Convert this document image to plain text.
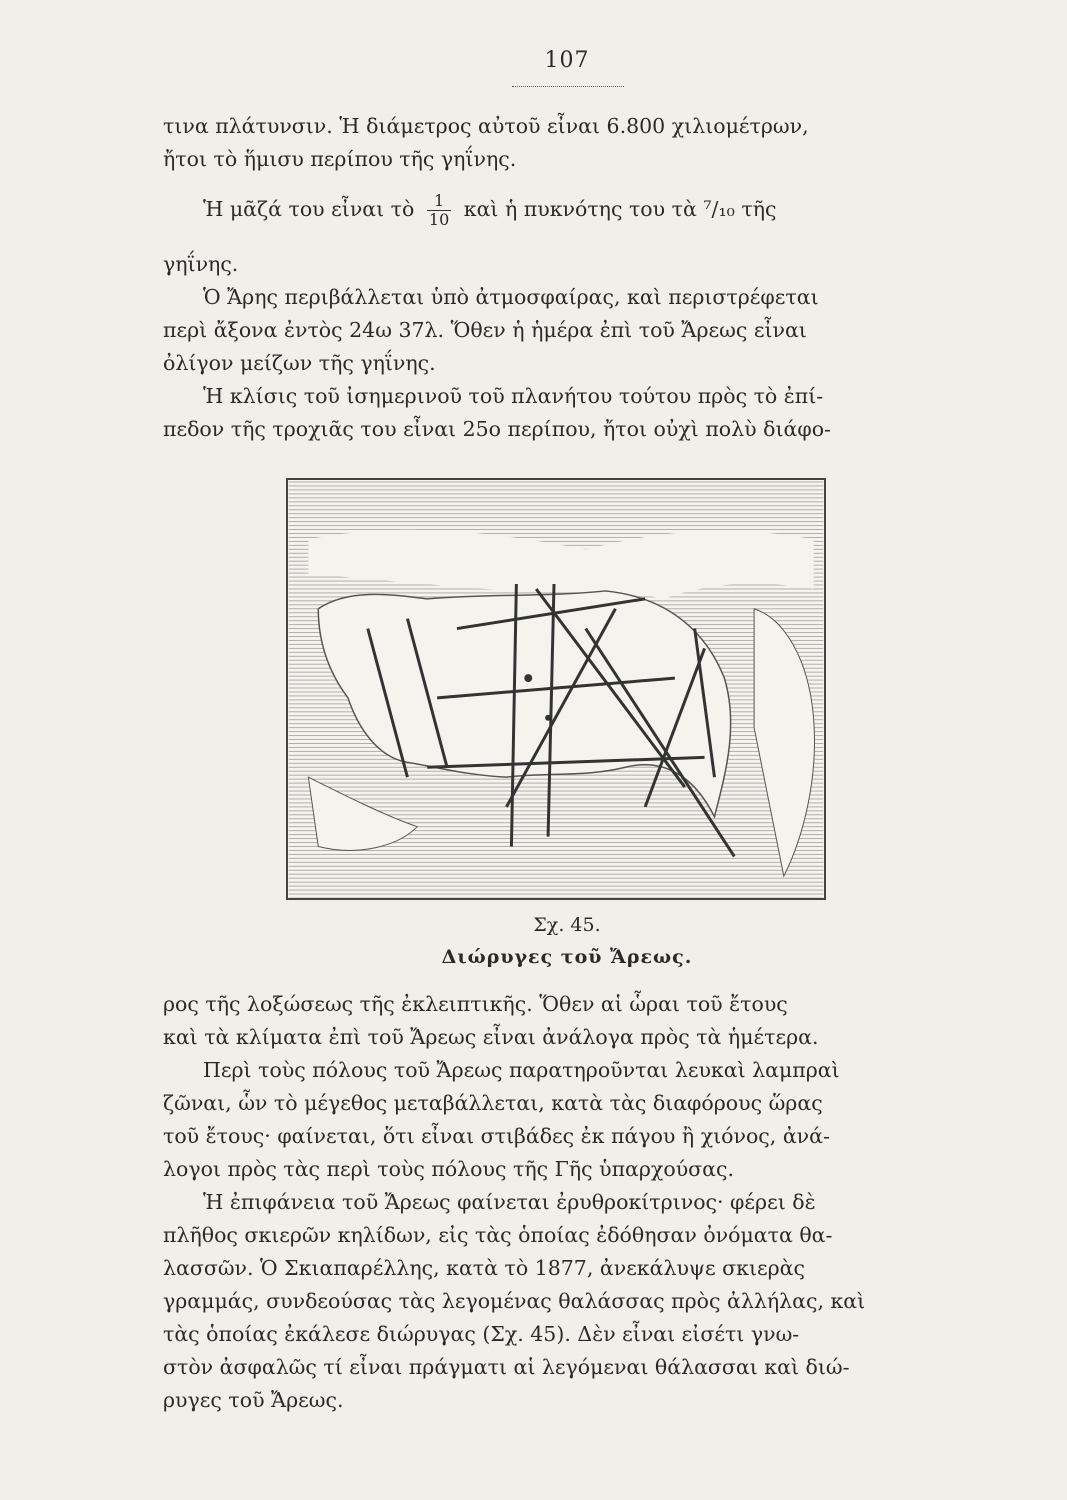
107
τινα πλάτυνσιν. Ἡ διάμετρος αὐτοῦ εἶναι 6.800 χιλιομέτρων,
ἤτοι τὸ ἥμισυ περίπου τῆς γηΐνης.
Ἡ μᾶζά του εἶναι τὸ $\frac{1}{10}$ καὶ ἡ πυκνότης του τὰ ⁷/₁₀ τῆς
γηΐνης.
Ὁ Ἄρης περιβάλλεται ὑπὸ ἀτμοσφαίρας, καὶ περιστρέφεται
περὶ ἄξονα ἐντὸς 24ω 37λ. Ὅθεν ἡ ἡμέρα ἐπὶ τοῦ Ἄρεως εἶναι
ὀλίγον μείζων τῆς γηΐνης.
Ἡ κλίσις τοῦ ἰσημερινοῦ τοῦ πλανήτου τούτου πρὸς τὸ ἐπί-
πεδον τῆς τροχιᾶς του εἶναι 25ο περίπου, ἤτοι οὐχὶ πολὺ διάφο-
Σχ. 45.
Διώρυγες τοῦ Ἄρεως.
ρος τῆς λοξώσεως τῆς ἐκλειπτικῆς. Ὅθεν αἱ ὧραι τοῦ ἔτους
καὶ τὰ κλίματα ἐπὶ τοῦ Ἄρεως εἶναι ἀνάλογα πρὸς τὰ ἡμέτερα.
Περὶ τοὺς πόλους τοῦ Ἄρεως παρατηροῦνται λευκαὶ λαμπραὶ
ζῶναι, ὧν τὸ μέγεθος μεταβάλλεται, κατὰ τὰς διαφόρους ὥρας
τοῦ ἔτους· φαίνεται, ὅτι εἶναι στιβάδες ἐκ πάγου ἢ χιόνος, ἀνά-
λογοι πρὸς τὰς περὶ τοὺς πόλους τῆς Γῆς ὑπαρχούσας.
Ἡ ἐπιφάνεια τοῦ Ἄρεως φαίνεται ἐρυθροκίτρινος· φέρει δὲ
πλῆθος σκιερῶν κηλίδων, εἰς τὰς ὁποίας ἐδόθησαν ὀνόματα θα-
λασσῶν. Ὁ Σκιαπαρέλλης, κατὰ τὸ 1877, ἀνεκάλυψε σκιερὰς
γραμμάς, συνδεούσας τὰς λεγομένας θαλάσσας πρὸς ἀλλήλας, καὶ
τὰς ὁποίας ἐκάλεσε διώρυγας (Σχ. 45). Δὲν εἶναι εἰσέτι γνω-
στὸν ἀσφαλῶς τί εἶναι πράγματι αἱ λεγόμεναι θάλασσαι καὶ διώ-
ρυγες τοῦ Ἄρεως.
